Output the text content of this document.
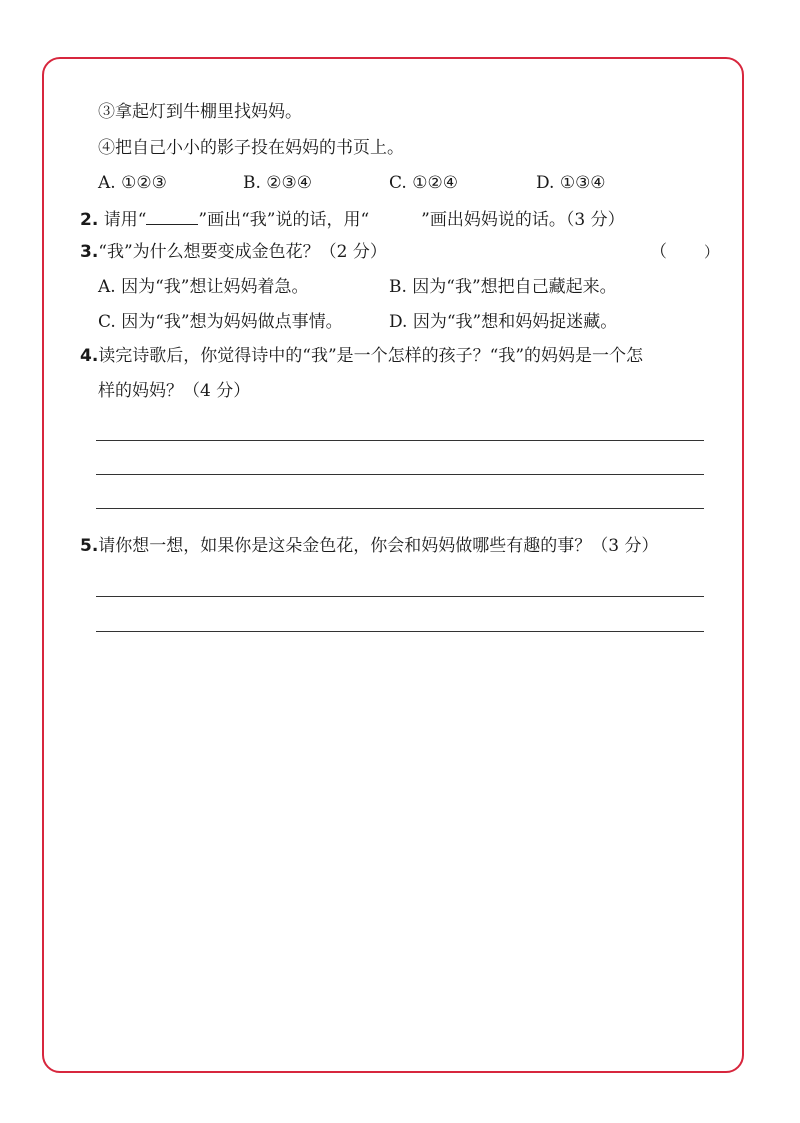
③拿起灯到牛棚里找妈妈。
④把自己小小的影子投在妈妈的书页上。
A. ①②③	B. ②③④	C. ①②④	D. ①③④
2. 请用“	”画出“我”说的话，用“	”画出妈妈说的话。（3 分）
3.“我”为什么想要变成金色花？（2 分）	（ ）
A. 因为“我”想让妈妈着急。	B. 因为“我”想把自己藏起来。
C. 因为“我”想为妈妈做点事情。	D. 因为“我”想和妈妈捉迷藏。
4.读完诗歌后，你觉得诗中的“我”是一个怎样的孩子？“我”的妈妈是一个怎
样的妈妈？（4 分）
5.请你想一想，如果你是这朵金色花，你会和妈妈做哪些有趣的事？（3 分）
